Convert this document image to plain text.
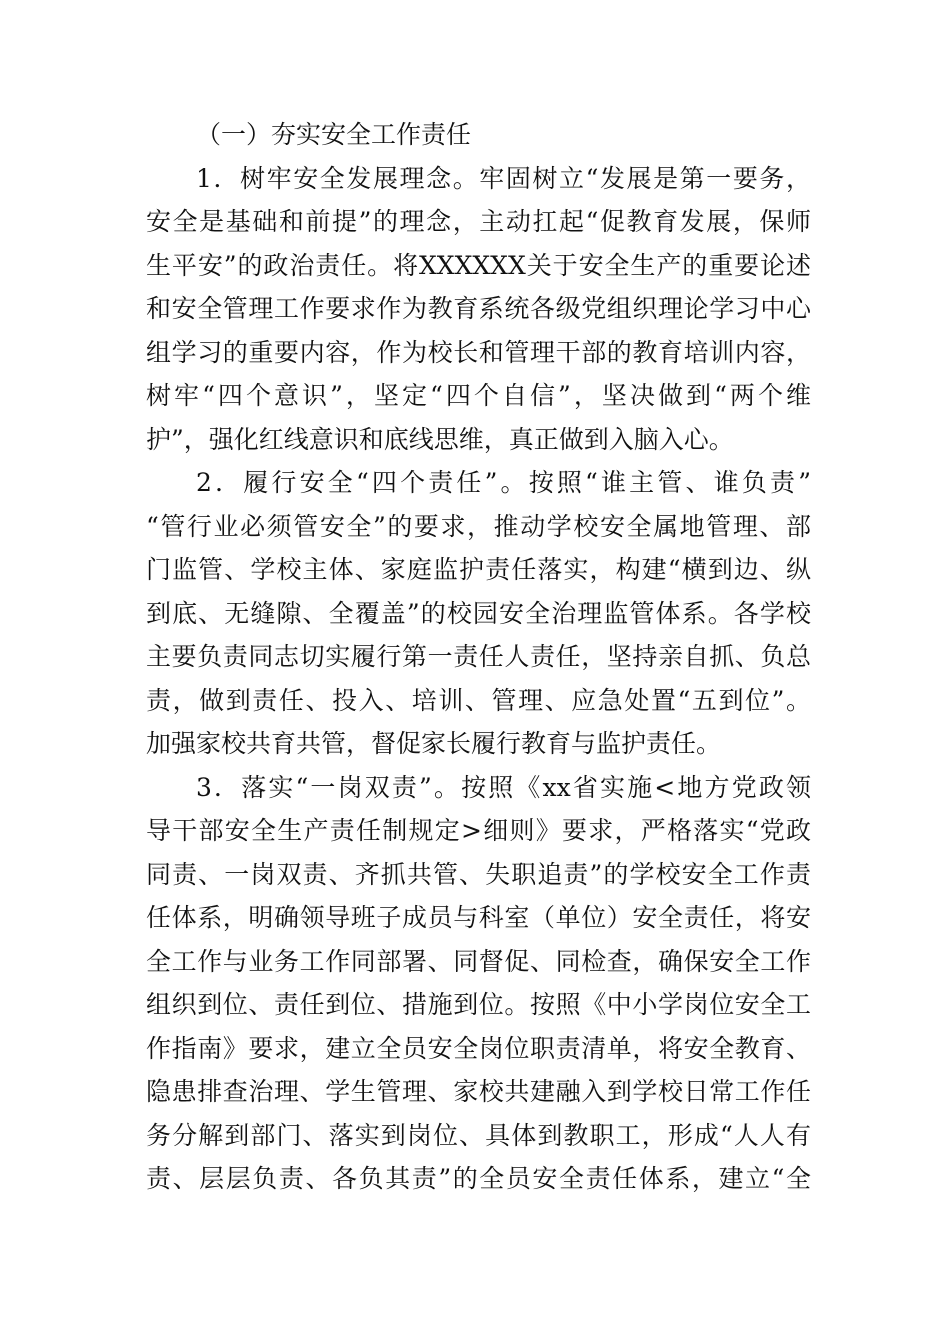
（一）夯实安全工作责任
1．树牢安全发展理念。牢固树立“发展是第一要务，
安全是基础和前提”的理念，主动扛起“促教育发展，保师
生平安”的政治责任。将XXXXXX关于安全生产的重要论述
和安全管理工作要求作为教育系统各级党组织理论学习中心
组学习的重要内容，作为校长和管理干部的教育培训内容，
树牢“四个意识”，坚定“四个自信”，坚决做到“两个维
护”，强化红线意识和底线思维，真正做到入脑入心。
2．履行安全“四个责任”。按照“谁主管、谁负责”
“管行业必须管安全”的要求，推动学校安全属地管理、部
门监管、学校主体、家庭监护责任落实，构建“横到边、纵
到底、无缝隙、全覆盖”的校园安全治理监管体系。各学校
主要负责同志切实履行第一责任人责任，坚持亲自抓、负总
责，做到责任、投入、培训、管理、应急处置“五到位”。
加强家校共育共管，督促家长履行教育与监护责任。
3．落实“一岗双责”。按照《xx省实施<地方党政领
导干部安全生产责任制规定>细则》要求，严格落实“党政
同责、一岗双责、齐抓共管、失职追责”的学校安全工作责
任体系，明确领导班子成员与科室（单位）安全责任，将安
全工作与业务工作同部署、同督促、同检查，确保安全工作
组织到位、责任到位、措施到位。按照《中小学岗位安全工
作指南》要求，建立全员安全岗位职责清单，将安全教育、
隐患排查治理、学生管理、家校共建融入到学校日常工作任
务分解到部门、落实到岗位、具体到教职工，形成“人人有
责、层层负责、各负其责”的全员安全责任体系，建立“全
